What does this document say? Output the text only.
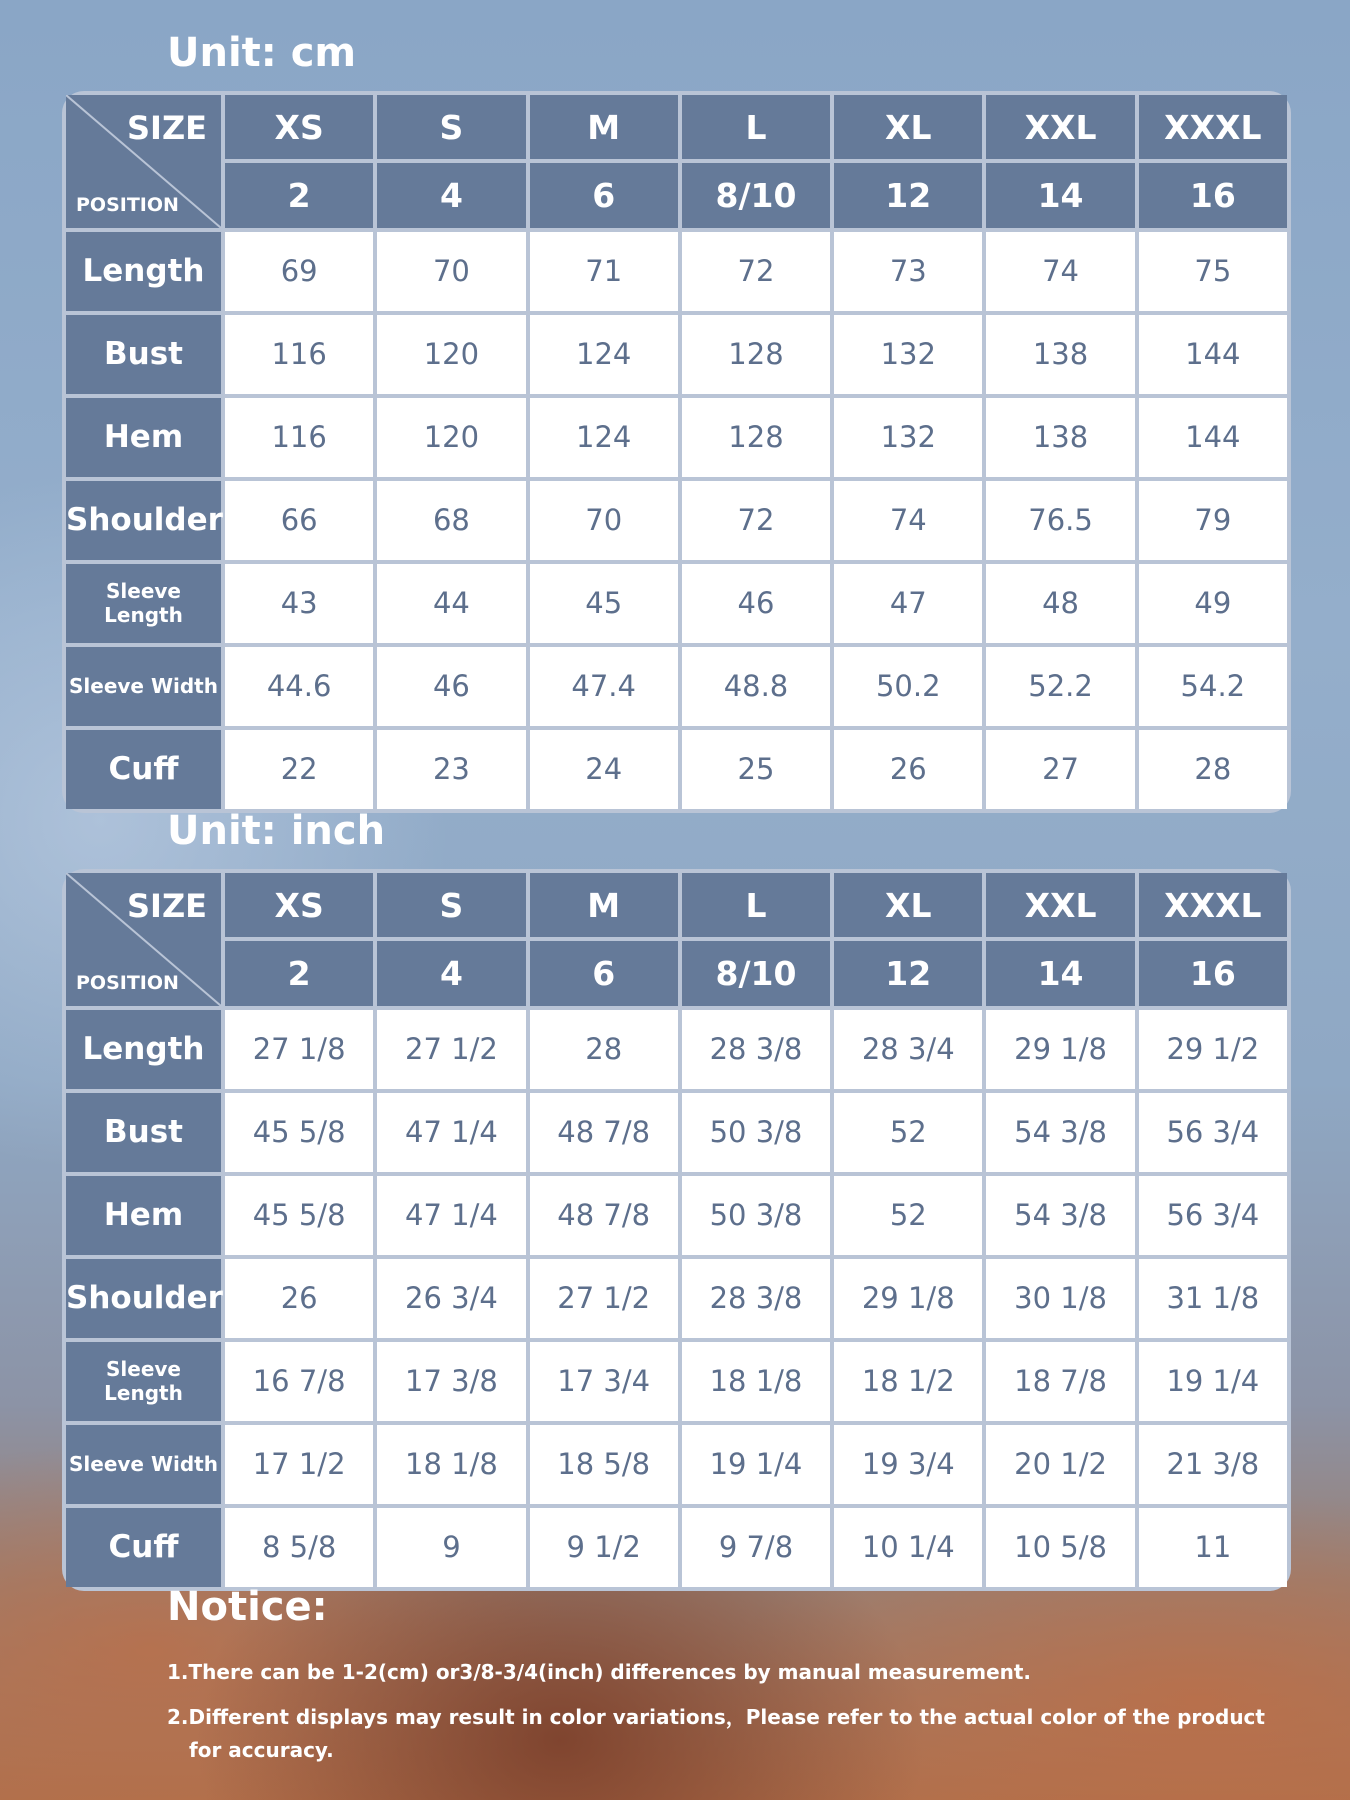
Unit: cm
SIZE
POSITION	XS	S	M	L	XL	XXL	XXXL
	2	4	6	8/10	12	14	16
Length	69	70	71	72	73	74	75
Bust	116	120	124	128	132	138	144
Hem	116	120	124	128	132	138	144
Shoulder	66	68	70	72	74	76.5	79
Sleeve Length	43	44	45	46	47	48	49
Sleeve Width	44.6	46	47.4	48.8	50.2	52.2	54.2
Cuff	22	23	24	25	26	27	28
Unit: inch
SIZE
POSITION	XS	S	M	L	XL	XXL	XXXL
	2	4	6	8/10	12	14	16
Length	27 1/8	27 1/2	28	28 3/8	28 3/4	29 1/8	29 1/2
Bust	45 5/8	47 1/4	48 7/8	50 3/8	52	54 3/8	56 3/4
Hem	45 5/8	47 1/4	48 7/8	50 3/8	52	54 3/8	56 3/4
Shoulder	26	26 3/4	27 1/2	28 3/8	29 1/8	30 1/8	31 1/8
Sleeve Length	16 7/8	17 3/8	17 3/4	18 1/8	18 1/2	18 7/8	19 1/4
Sleeve Width	17 1/2	18 1/8	18 5/8	19 1/4	19 3/4	20 1/2	21 3/8
Cuff	8 5/8	9	9 1/2	9 7/8	10 1/4	10 5/8	11
Notice:

1.There can be 1-2(cm) or3/8-3/4(inch) differences by manual measurement.

2.Different displays may result in color variations，Please refer to the actual color of the product

for accuracy.
